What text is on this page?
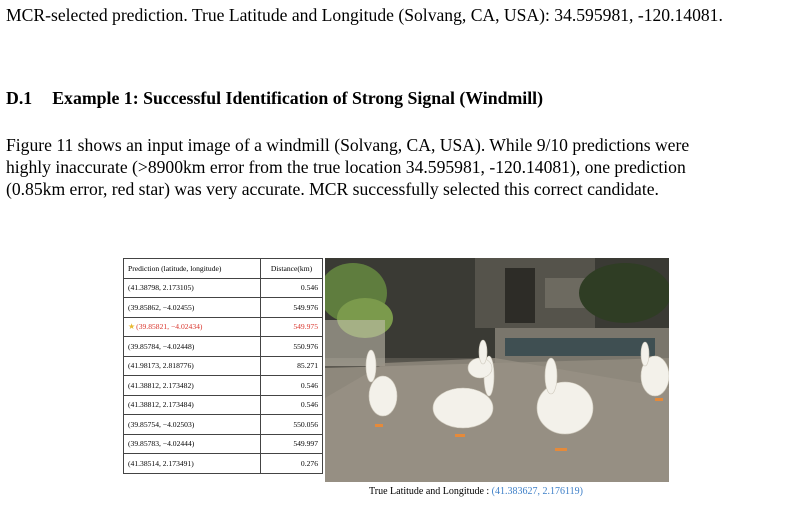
MCR-selected prediction. True Latitude and Longitude (Solvang, CA, USA): 34.595981, -120.14081.
D.1 Example 1: Successful Identification of Strong Signal (Windmill)
Figure 11 shows an input image of a windmill (Solvang, CA, USA). While 9/10 predictions were
highly inaccurate (>8900km error from the true location 34.595981, -120.14081), one prediction
(0.85km error, red star) was very accurate. MCR successfully selected this correct candidate.
Prediction (latitude, longitude)	Distance(km)
(41.38798, 2.173105)	0.546
(39.85862, −4.02455)	549.976
★(39.85821, −4.02434)	549.975
(39.85784, −4.02448)	550.976
(41.98173, 2.818776)	85.271
(41.38812, 2.173482)	0.546
(41.38812, 2.173484)	0.546
(39.85754, −4.02503)	550.056
(39.85783, −4.02444)	549.997
(41.38514, 2.173491)	0.276
True Latitude and Longitude : (41.383627, 2.176119)
